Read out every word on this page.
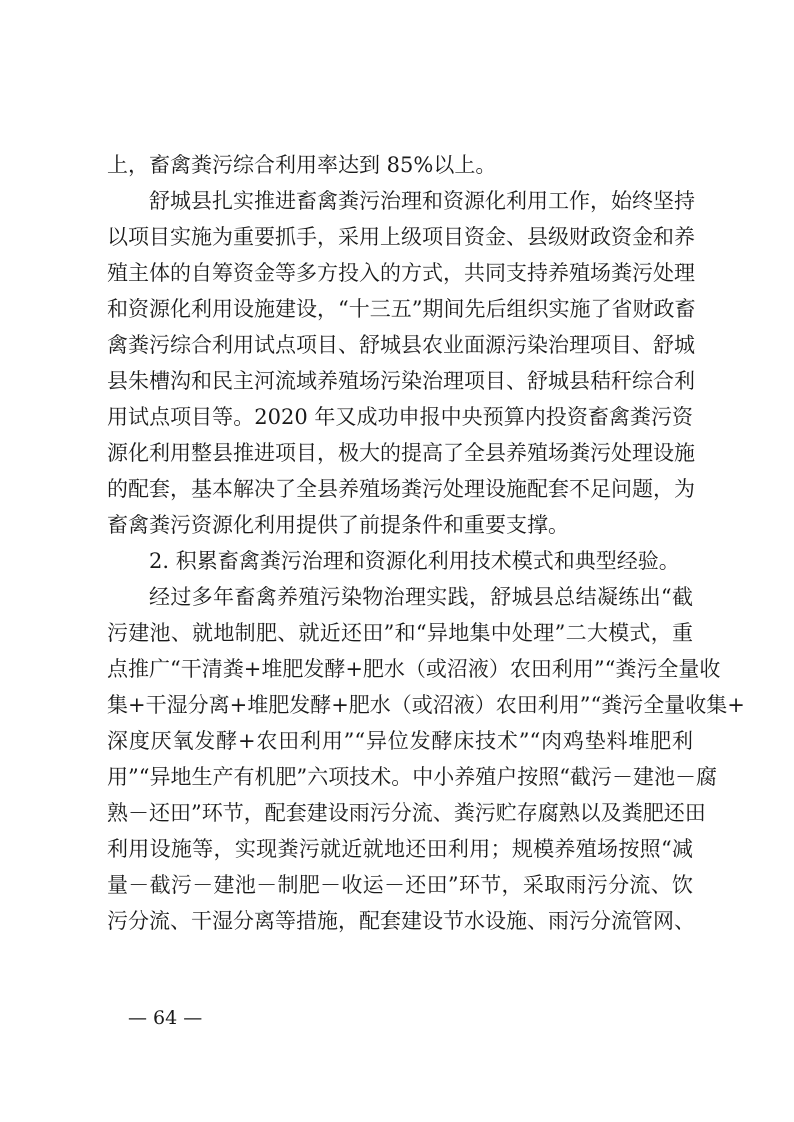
上，畜禽粪污综合利用率达到 85%以上。
舒城县扎实推进畜禽粪污治理和资源化利用工作，始终坚持
以项目实施为重要抓手，采用上级项目资金、县级财政资金和养
殖主体的自筹资金等多方投入的方式，共同支持养殖场粪污处理
和资源化利用设施建设，“十三五”期间先后组织实施了省财政畜
禽粪污综合利用试点项目、舒城县农业面源污染治理项目、舒城
县朱槽沟和民主河流域养殖场污染治理项目、舒城县秸秆综合利
用试点项目等。2020 年又成功申报中央预算内投资畜禽粪污资
源化利用整县推进项目，极大的提高了全县养殖场粪污处理设施
的配套，基本解决了全县养殖场粪污处理设施配套不足问题，为
畜禽粪污资源化利用提供了前提条件和重要支撑。
2. 积累畜禽粪污治理和资源化利用技术模式和典型经验。
经过多年畜禽养殖污染物治理实践，舒城县总结凝练出“截
污建池、就地制肥、就近还田”和“异地集中处理”二大模式，重
点推广“干清粪+堆肥发酵+肥水（或沼液）农田利用”“粪污全量收
集+干湿分离+堆肥发酵+肥水（或沼液）农田利用”“粪污全量收集+
深度厌氧发酵+农田利用”“异位发酵床技术”“肉鸡垫料堆肥利
用”“异地生产有机肥”六项技术。中小养殖户按照“截污－建池－腐
熟－还田”环节，配套建设雨污分流、粪污贮存腐熟以及粪肥还田
利用设施等，实现粪污就近就地还田利用；规模养殖场按照“减
量－截污－建池－制肥－收运－还田”环节，采取雨污分流、饮
污分流、干湿分离等措施，配套建设节水设施、雨污分流管网、
— 64 —
